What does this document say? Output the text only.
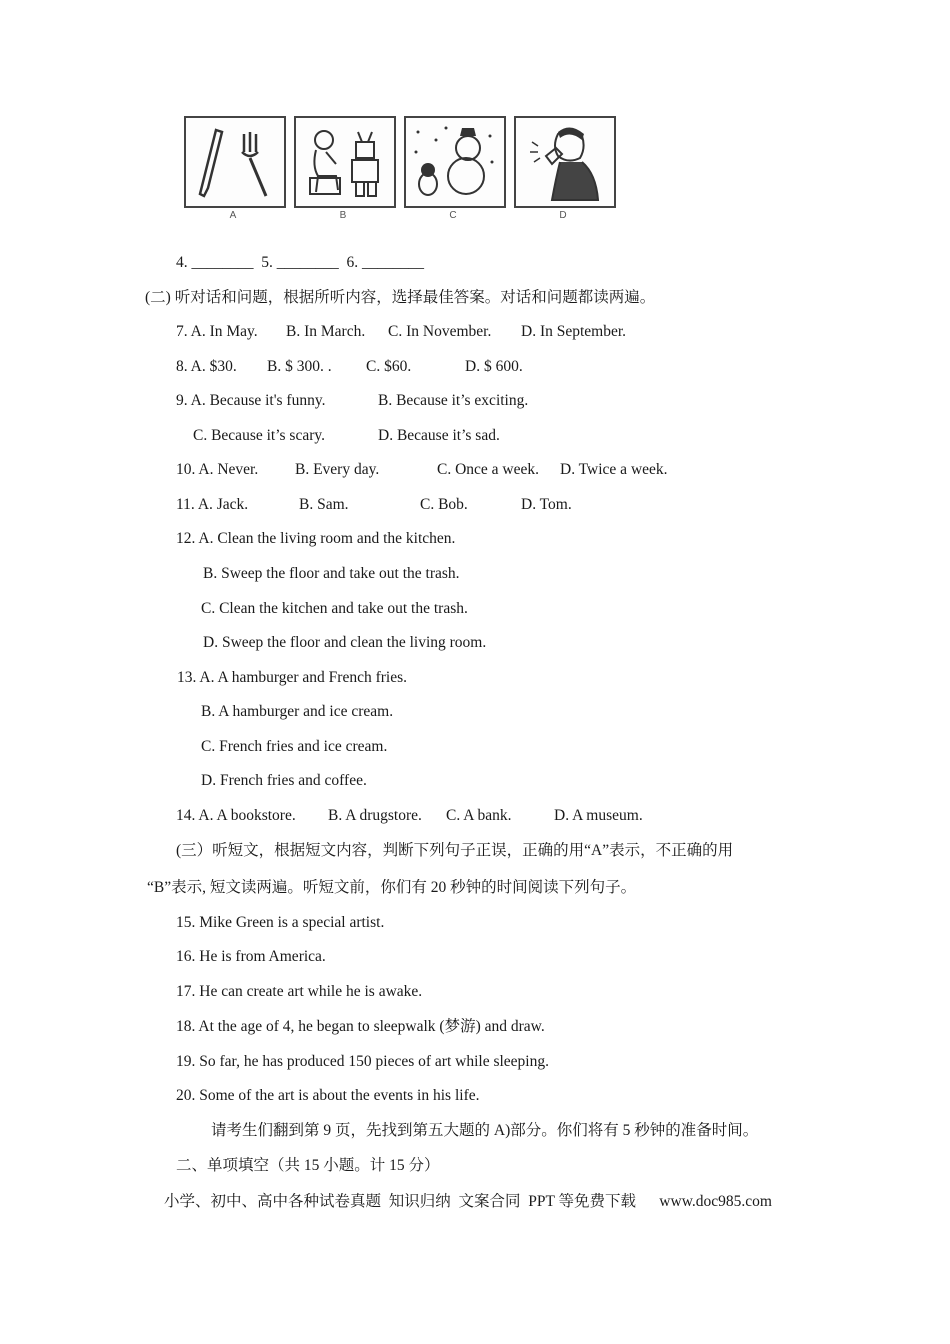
A	B	C	D
4. ________  5. ________  6. ________
(二) 听对话和问题，根据所听内容，选择最佳答案。对话和问题都读两遍。
7. A. In May. B. In March. C. In November. D. In September.
8. A. $30. B. $ 300. . C. $60.	D. $ 600.
9. A. Because it's funny.	B. Because it’s exciting.
C. Because it’s scary.	D. Because it’s sad.
10. A. Never. B. Every day.	C. Once a week. D. Twice a week.
11. A. Jack.	B. Sam.	C. Bob.	D. Tom.
12. A. Clean the living room and the kitchen.
B. Sweep the floor and take out the trash.
C. Clean the kitchen and take out the trash.
D. Sweep the floor and clean the living room.
13. A. A hamburger and French fries.
B. A hamburger and ice cream.
C. French fries and ice cream.
D. French fries and coffee.
14. A. A bookstore. B. A drugstore. C. A bank.	D. A museum.
(三）听短文，根据短文内容，判断下列句子正误，正确的用“A”表示，不正确的用
“B”表示, 短文读两遍。听短文前，你们有 20 秒钟的时间阅读下列句子。
15. Mike Green is a special artist.
16. He is from America.
17. He can create art while he is awake.
18. At the age of 4, he began to sleepwalk (梦游) and draw.
19. So far, he has produced 150 pieces of art while sleeping.
20. Some of the art is about the events in his life.
请考生们翻到第 9 页，先找到第五大题的 A)部分。你们将有 5 秒钟的准备时间。
二、单项填空（共 15 小题。计 15 分）
小学、初中、高中各种试卷真题  知识归纳  文案合同  PPT 等免费下载      www.doc985.com
